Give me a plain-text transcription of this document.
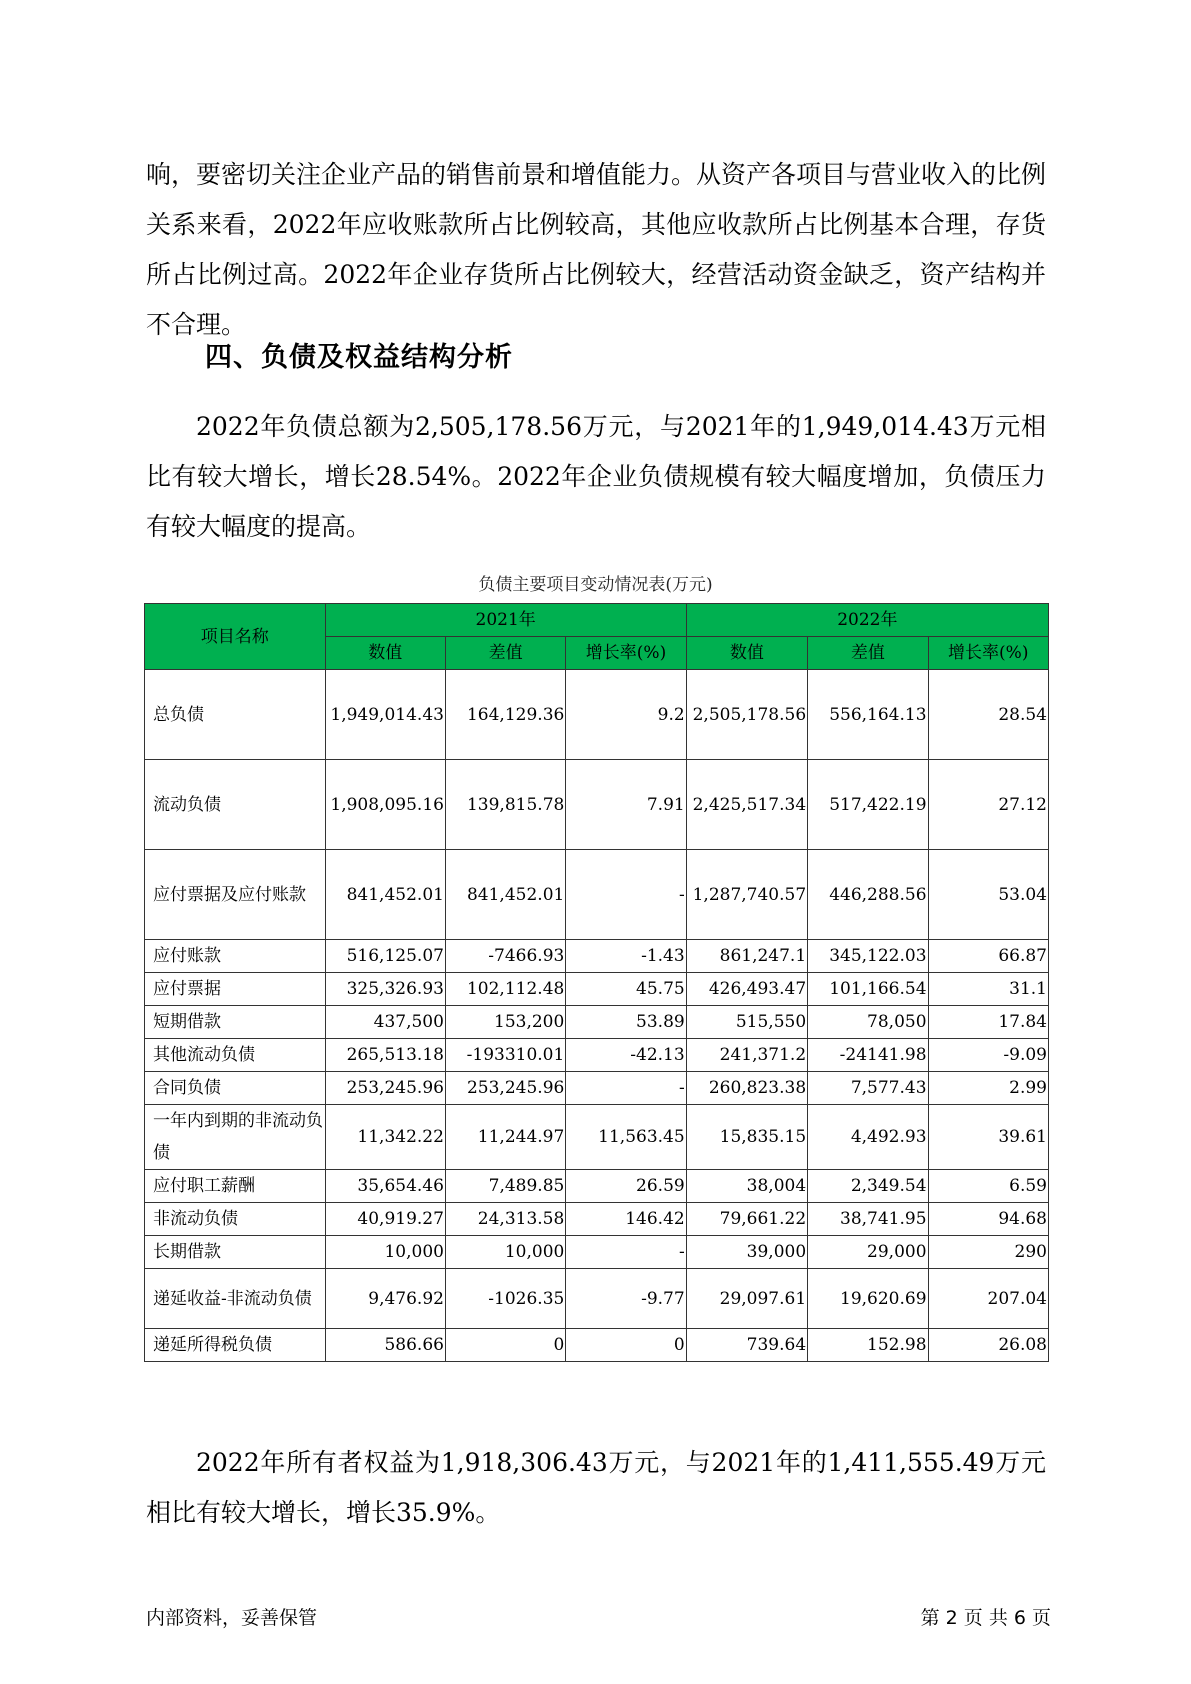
响，要密切关注企业产品的销售前景和增值能力。从资产各项目与营业收入的比例关系来看，2022年应收账款所占比例较高，其他应收款所占比例基本合理，存货所占比例过高。2022年企业存货所占比例较大，经营活动资金缺乏，资产结构并不合理。

四、负债及权益结构分析

2022年负债总额为2,505,178.56万元，与2021年的1,949,014.43万元相比有较大增长，增长28.54%。2022年企业负债规模有较大幅度增加，负债压力有较大幅度的提高。

负债主要项目变动情况表(万元)
项目名称	2021年			2022年		
	数值	差值	增长率(%)	数值	差值	增长率(%)
总负债	1,949,014.43	164,129.36	9.2	2,505,178.56	556,164.13	28.54
流动负债	1,908,095.16	139,815.78	7.91	2,425,517.34	517,422.19	27.12
应付票据及应付账款	841,452.01	841,452.01	-	1,287,740.57	446,288.56	53.04
应付账款	516,125.07	-7466.93	-1.43	861,247.1	345,122.03	66.87
应付票据	325,326.93	102,112.48	45.75	426,493.47	101,166.54	31.1
短期借款	437,500	153,200	53.89	515,550	78,050	17.84
其他流动负债	265,513.18	-193310.01	-42.13	241,371.2	-24141.98	-9.09
合同负债	253,245.96	253,245.96	-	260,823.38	7,577.43	2.99
一年内到期的非流动负债	11,342.22	11,244.97	11,563.45	15,835.15	4,492.93	39.61
应付职工薪酬	35,654.46	7,489.85	26.59	38,004	2,349.54	6.59
非流动负债	40,919.27	24,313.58	146.42	79,661.22	38,741.95	94.68
长期借款	10,000	10,000	-	39,000	29,000	290
递延收益-非流动负债	9,476.92	-1026.35	-9.77	29,097.61	19,620.69	207.04
递延所得税负债	586.66	0	0	739.64	152.98	26.08

2022年所有者权益为1,918,306.43万元，与2021年的1,411,555.49万元相比有较大增长，增长35.9%。

内部资料，妥善保管	第 2 页 共 6 页
